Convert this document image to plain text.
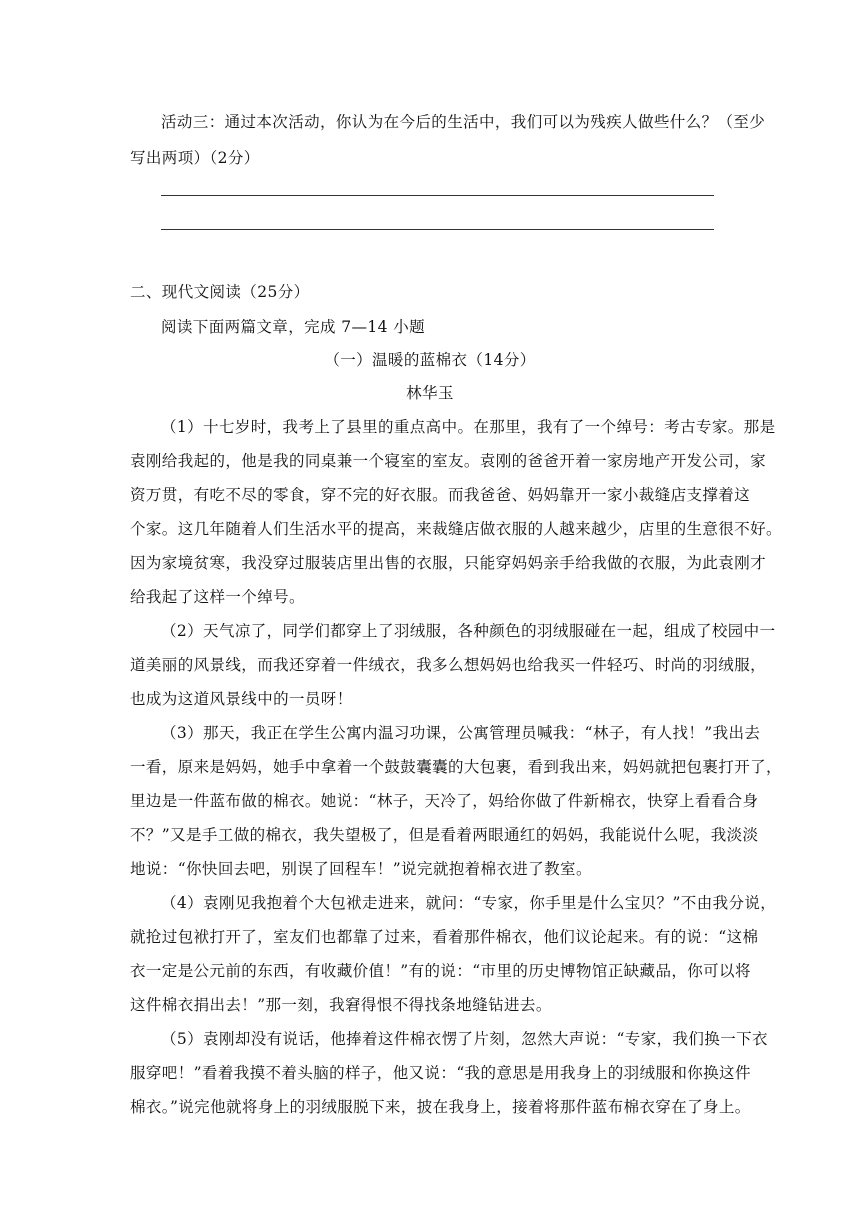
活动三：通过本次活动，你认为在今后的生活中，我们可以为残疾人做些什么？（至少
写出两项）（2分）
二、现代文阅读（25分）
阅读下面两篇文章，完成 7—14 小题
（一）温暖的蓝棉衣（14分）
林华玉
（1）十七岁时，我考上了县里的重点高中。在那里，我有了一个绰号：考古专家。那是
袁刚给我起的，他是我的同桌兼一个寝室的室友。袁刚的爸爸开着一家房地产开发公司，家
资万贯，有吃不尽的零食，穿不完的好衣服。而我爸爸、妈妈靠开一家小裁缝店支撑着这
个家。这几年随着人们生活水平的提高，来裁缝店做衣服的人越来越少，店里的生意很不好。
因为家境贫寒，我没穿过服装店里出售的衣服，只能穿妈妈亲手给我做的衣服，为此袁刚才
给我起了这样一个绰号。
（2）天气凉了，同学们都穿上了羽绒服，各种颜色的羽绒服碰在一起，组成了校园中一
道美丽的风景线，而我还穿着一件绒衣，我多么想妈妈也给我买一件轻巧、时尚的羽绒服，
也成为这道风景线中的一员呀！
（3）那天，我正在学生公寓内温习功课，公寓管理员喊我：“林子，有人找！”我出去
一看，原来是妈妈，她手中拿着一个鼓鼓囊囊的大包裹，看到我出来，妈妈就把包裹打开了，
里边是一件蓝布做的棉衣。她说：“林子，天冷了，妈给你做了件新棉衣，快穿上看看合身
不？”又是手工做的棉衣，我失望极了，但是看着两眼通红的妈妈，我能说什么呢，我淡淡
地说：“你快回去吧，别误了回程车！”说完就抱着棉衣进了教室。
（4）袁刚见我抱着个大包袱走进来，就问：“专家，你手里是什么宝贝？”不由我分说，
就抢过包袱打开了，室友们也都靠了过来，看着那件棉衣，他们议论起来。有的说：“这棉
衣一定是公元前的东西，有收藏价值！”有的说：“市里的历史博物馆正缺藏品，你可以将
这件棉衣捐出去！”那一刻，我窘得恨不得找条地缝钻进去。
（5）袁刚却没有说话，他捧着这件棉衣愣了片刻，忽然大声说：“专家，我们换一下衣
服穿吧！”看着我摸不着头脑的样子，他又说：“我的意思是用我身上的羽绒服和你换这件
棉衣。”说完他就将身上的羽绒服脱下来，披在我身上，接着将那件蓝布棉衣穿在了身上。
